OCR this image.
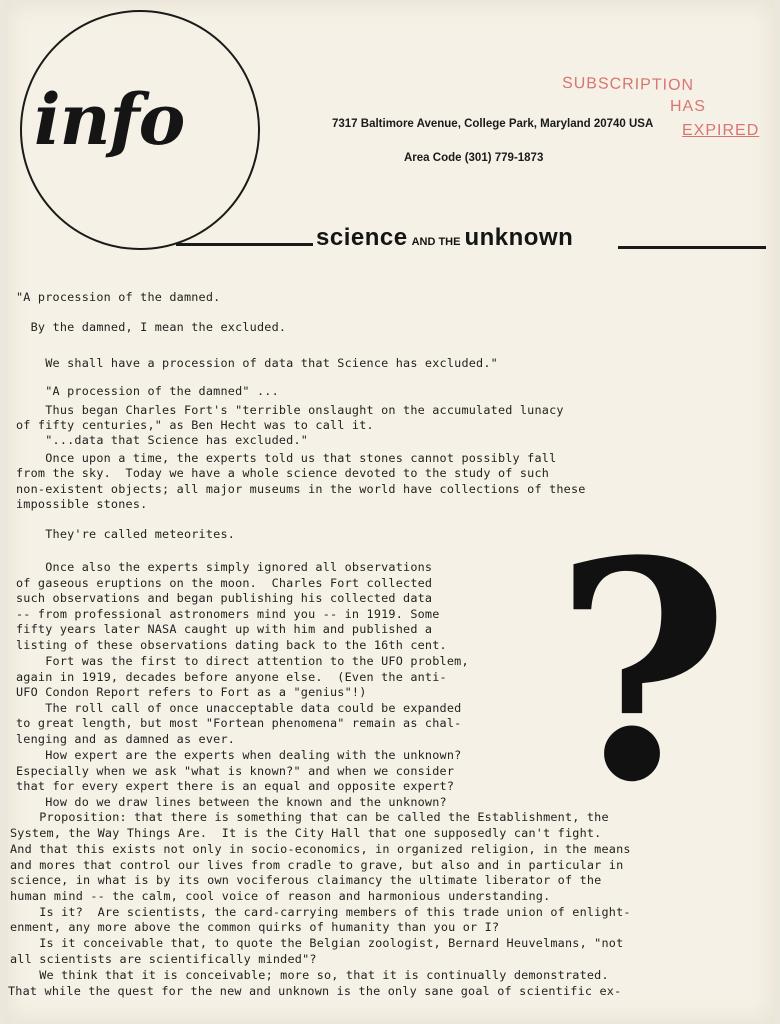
info	7317 Baltimore Avenue, College Park, Maryland 20740 USA
Area Code (301) 779-1873
SUBSCRIPTION
HAS
EXPIRED
science AND THE unknown
?
"A procession of the damned.
By the damned, I mean the excluded.
We shall have a procession of data that Science has excluded."
"A procession of the damned" ...
Thus began Charles Fort's "terrible onslaught on the accumulated lunacy
of fifty centuries," as Ben Hecht was to call it.
"...data that Science has excluded."
Once upon a time, the experts told us that stones cannot possibly fall
from the sky.  Today we have a whole science devoted to the study of such
non-existent objects; all major museums in the world have collections of these
impossible stones.
They're called meteorites.
Once also the experts simply ignored all observations
of gaseous eruptions on the moon.  Charles Fort collected
such observations and began publishing his collected data
-- from professional astronomers mind you -- in 1919. Some
fifty years later NASA caught up with him and published a
listing of these observations dating back to the 16th cent.
Fort was the first to direct attention to the UFO problem,
again in 1919, decades before anyone else.  (Even the anti-
UFO Condon Report refers to Fort as a "genius"!)
The roll call of once unacceptable data could be expanded
to great length, but most "Fortean phenomena" remain as chal-
lenging and as damned as ever.
How expert are the experts when dealing with the unknown?
Especially when we ask "what is known?" and when we consider
that for every expert there is an equal and opposite expert?
How do we draw lines between the known and the unknown?
Proposition: that there is something that can be called the Establishment, the
System, the Way Things Are.  It is the City Hall that one supposedly can't fight.
And that this exists not only in socio-economics, in organized religion, in the means
and mores that control our lives from cradle to grave, but also and in particular in
science, in what is by its own vociferous claimancy the ultimate liberator of the
human mind -- the calm, cool voice of reason and harmonious understanding.
Is it?  Are scientists, the card-carrying members of this trade union of enlight-
enment, any more above the common quirks of humanity than you or I?
Is it conceivable that, to quote the Belgian zoologist, Bernard Heuvelmans, "not
all scientists are scientifically minded"?
We think that it is conceivable; more so, that it is continually demonstrated.
That while the quest for the new and unknown is the only sane goal of scientific ex-
